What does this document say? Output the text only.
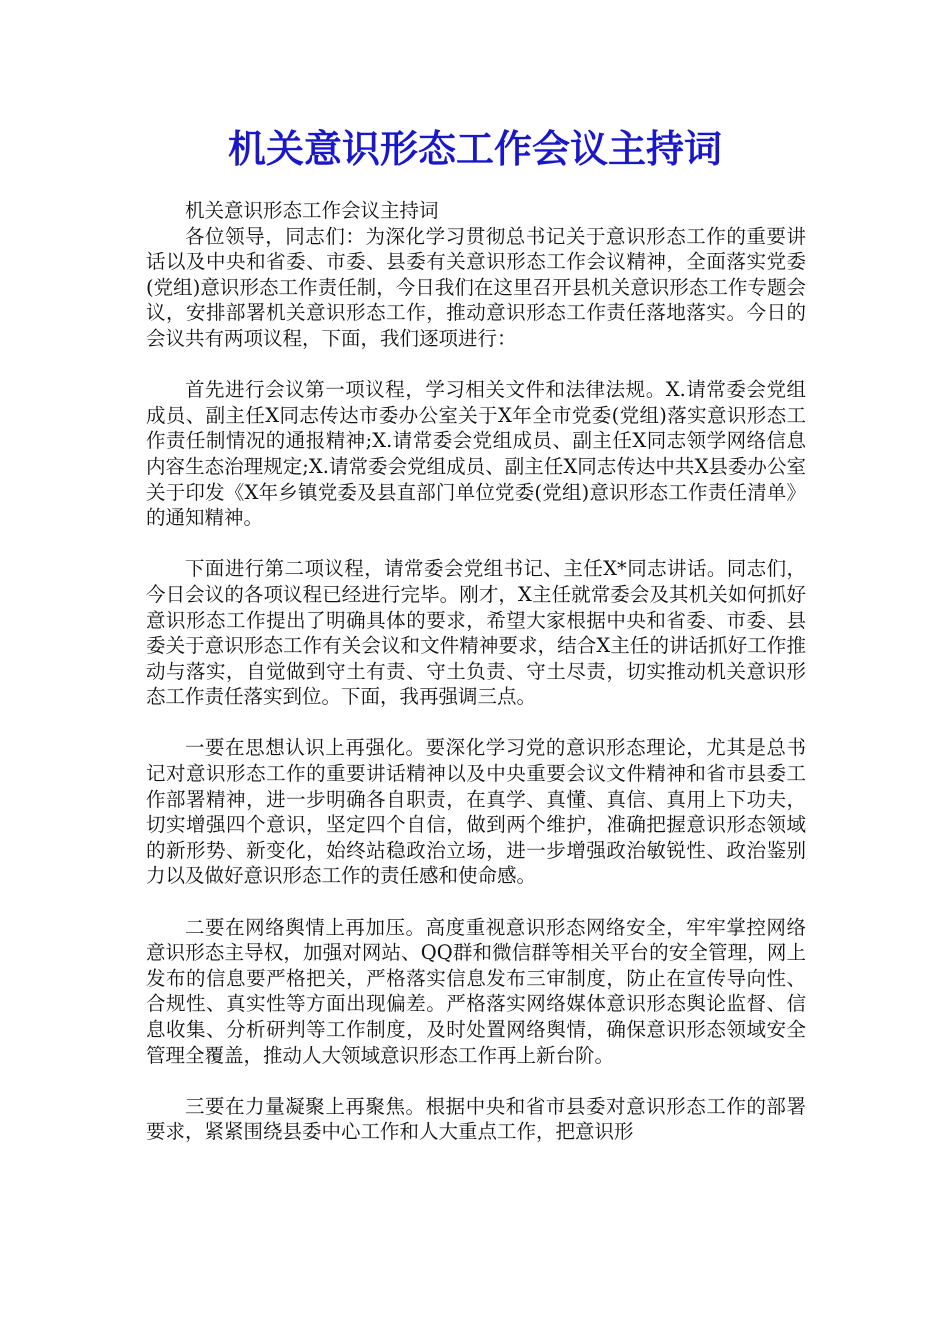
机关意识形态工作会议主持词

机关意识形态工作会议主持词

各位领导，同志们：为深化学习贯彻总书记关于意识形态工作的重要讲话以及中央和省委、市委、县委有关意识形态工作会议精神，全面落实党委(党组)意识形态工作责任制，今日我们在这里召开县机关意识形态工作专题会议，安排部署机关意识形态工作，推动意识形态工作责任落地落实。今日的会议共有两项议程，下面，我们逐项进行：

首先进行会议第一项议程，学习相关文件和法律法规。X.请常委会党组成员、副主任X同志传达市委办公室关于X年全市党委(党组)落实意识形态工作责任制情况的通报精神;X.请常委会党组成员、副主任X同志领学网络信息内容生态治理规定;X.请常委会党组成员、副主任X同志传达中共X县委办公室关于印发《X年乡镇党委及县直部门单位党委(党组)意识形态工作责任清单》的通知精神。

下面进行第二项议程，请常委会党组书记、主任X*同志讲话。同志们，今日会议的各项议程已经进行完毕。刚才，X主任就常委会及其机关如何抓好意识形态工作提出了明确具体的要求，希望大家根据中央和省委、市委、县委关于意识形态工作有关会议和文件精神要求，结合X主任的讲话抓好工作推动与落实，自觉做到守土有责、守土负责、守土尽责，切实推动机关意识形态工作责任落实到位。下面，我再强调三点。

一要在思想认识上再强化。要深化学习党的意识形态理论，尤其是总书记对意识形态工作的重要讲话精神以及中央重要会议文件精神和省市县委工作部署精神，进一步明确各自职责，在真学、真懂、真信、真用上下功夫，切实增强四个意识，坚定四个自信，做到两个维护，准确把握意识形态领域的新形势、新变化，始终站稳政治立场，进一步增强政治敏锐性、政治鉴别力以及做好意识形态工作的责任感和使命感。

二要在网络舆情上再加压。高度重视意识形态网络安全，牢牢掌控网络意识形态主导权，加强对网站、QQ群和微信群等相关平台的安全管理，网上发布的信息要严格把关，严格落实信息发布三审制度，防止在宣传导向性、合规性、真实性等方面出现偏差。严格落实网络媒体意识形态舆论监督、信息收集、分析研判等工作制度，及时处置网络舆情，确保意识形态领域安全管理全覆盖，推动人大领域意识形态工作再上新台阶。

三要在力量凝聚上再聚焦。根据中央和省市县委对意识形态工作的部署要求，紧紧围绕县委中心工作和人大重点工作，把意识形
